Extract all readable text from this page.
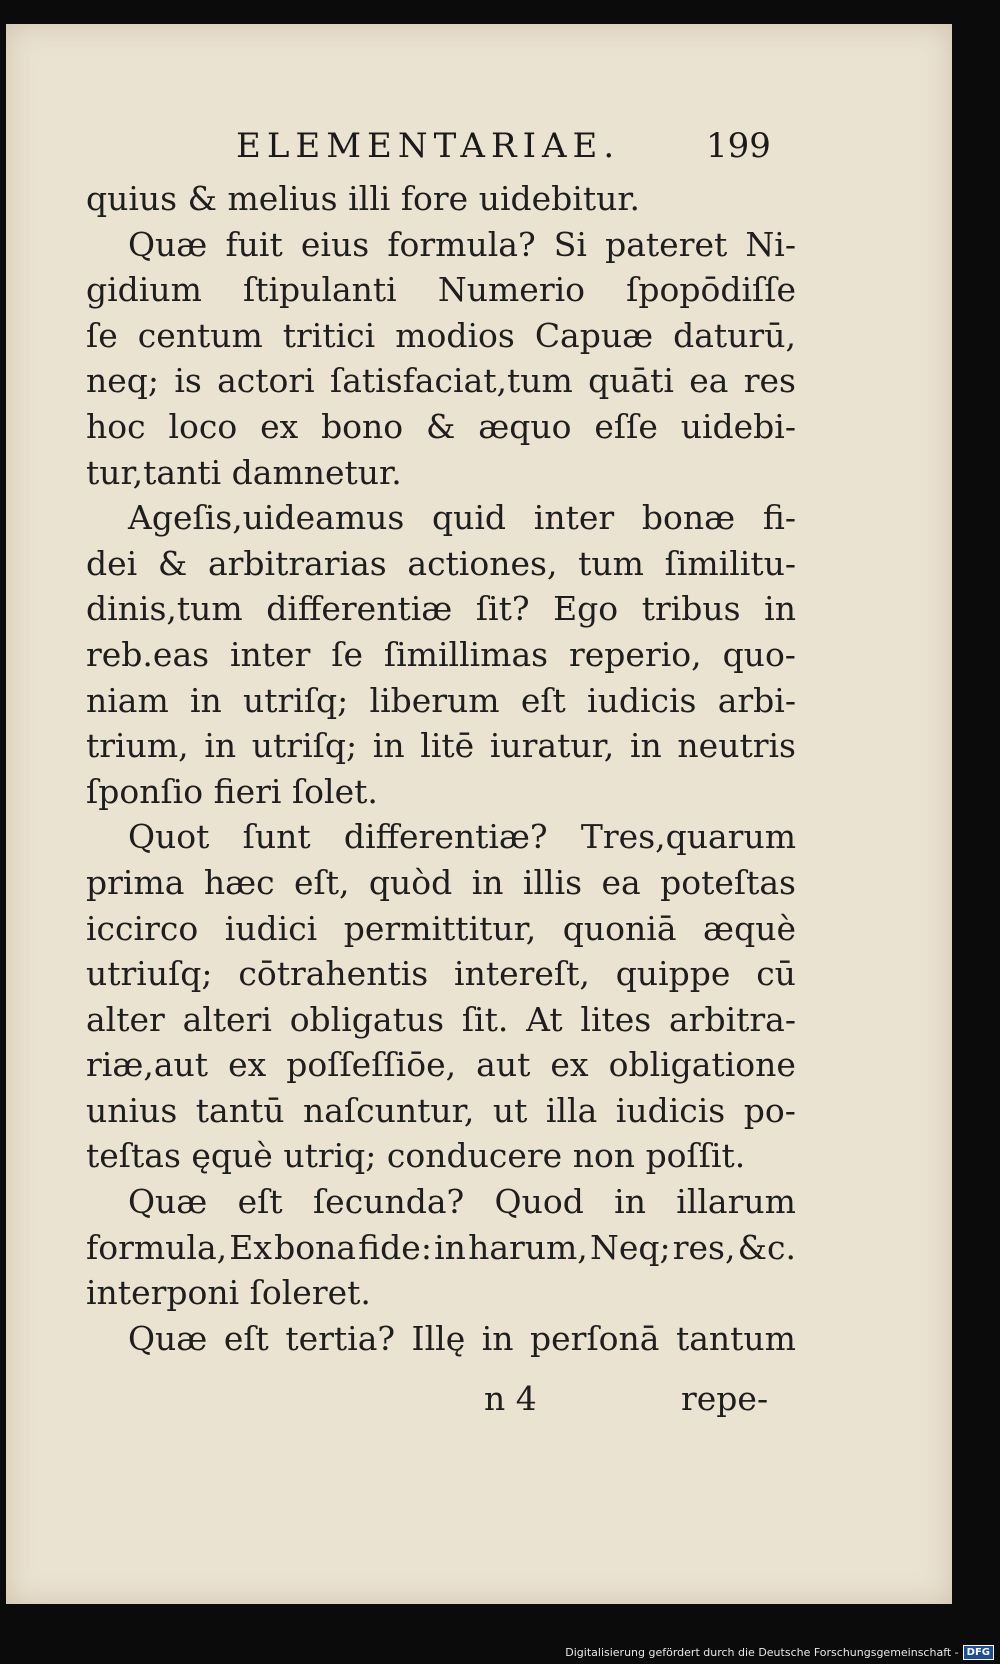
ELEMENTARIAE.	199
quius & melius illi fore uidebitur.
Quæ fuit eius formula? Si pateret Ni-
gidium ſtipulanti Numerio ſpopōdiſſe
ſe centum tritici modios Capuæ daturū,
neq; is actori ſatisfaciat,tum quāti ea res
hoc loco ex bono & æquo eſſe uidebi-
tur,tanti damnetur.
Ageſis,uideamus quid inter bonæ fi-
dei & arbitrarias actiones, tum ſimilitu-
dinis,tum differentiæ ſit? Ego tribus in
reb.eas inter ſe ſimillimas reperio, quo-
niam in utriſq; liberum eſt iudicis arbi-
trium, in utriſq; in litē iuratur, in neutris
ſponſio fieri ſolet.
Quot ſunt differentiæ? Tres,quarum
prima hæc eſt, quòd in illis ea poteſtas
iccirco iudici permittitur, quoniā æquè
utriuſq; cōtrahentis intereſt, quippe cū
alter alteri obligatus ſit. At lites arbitra-
riæ,aut ex poſſeſſiōe, aut ex obligatione
unius tantū naſcuntur, ut illa iudicis po-
teſtas ęquè utriq; conducere non poſſit.
Quæ eſt ſecunda? Quod in illarum
formula, Ex bona fide: in harum, Neq; res, &c.
interponi ſoleret.
Quæ eſt tertia? Illę in perſonā tantum
n 4	repe-
Digitalisierung gefördert durch die Deutsche Forschungsgemeinschaft - DFG
